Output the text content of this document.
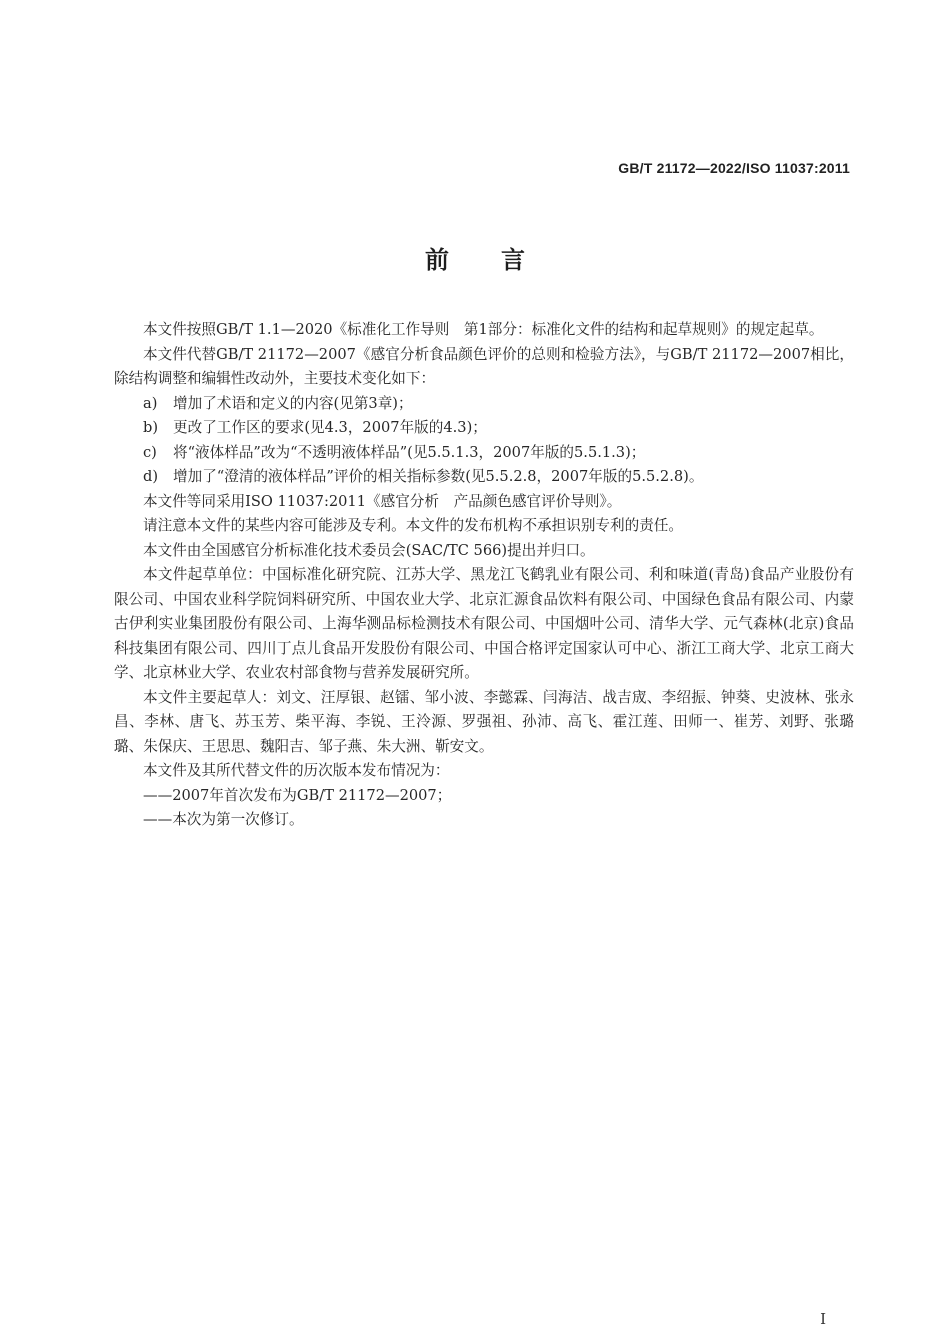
GB/T 21172—2022/ISO 11037:2011
前言

本文件按照GB/T 1.1—2020《标准化工作导则　第1部分：标准化文件的结构和起草规则》的规定起草。

本文件代替GB/T 21172—2007《感官分析食品颜色评价的总则和检验方法》，与GB/T 21172—2007相比，除结构调整和编辑性改动外，主要技术变化如下：

a) 增加了术语和定义的内容(见第3章)；

b) 更改了工作区的要求(见4.3，2007年版的4.3)；

c) 将“液体样品”改为“不透明液体样品”(见5.5.1.3，2007年版的5.5.1.3)；

d) 增加了“澄清的液体样品”评价的相关指标参数(见5.5.2.8，2007年版的5.5.2.8)。

本文件等同采用ISO 11037:2011《感官分析　产品颜色感官评价导则》。

请注意本文件的某些内容可能涉及专利。本文件的发布机构不承担识别专利的责任。

本文件由全国感官分析标准化技术委员会(SAC/TC 566)提出并归口。

本文件起草单位：中国标准化研究院、江苏大学、黑龙江飞鹤乳业有限公司、利和味道(青岛)食品产业股份有限公司、中国农业科学院饲料研究所、中国农业大学、北京汇源食品饮料有限公司、中国绿色食品有限公司、内蒙古伊利实业集团股份有限公司、上海华测品标检测技术有限公司、中国烟叶公司、清华大学、元气森林(北京)食品科技集团有限公司、四川丁点儿食品开发股份有限公司、中国合格评定国家认可中心、浙江工商大学、北京工商大学、北京林业大学、农业农村部食物与营养发展研究所。

本文件主要起草人：刘文、汪厚银、赵镭、邹小波、李懿霖、闫海洁、战吉宬、李绍振、钟葵、史波林、张永昌、李林、唐飞、苏玉芳、柴平海、李锐、王泠源、罗强祖、孙沛、高飞、霍江莲、田师一、崔芳、刘野、张璐璐、朱保庆、王思思、魏阳吉、邹子燕、朱大洲、靳安文。

本文件及其所代替文件的历次版本发布情况为：

——2007年首次发布为GB/T 21172—2007；

——本次为第一次修订。

I
